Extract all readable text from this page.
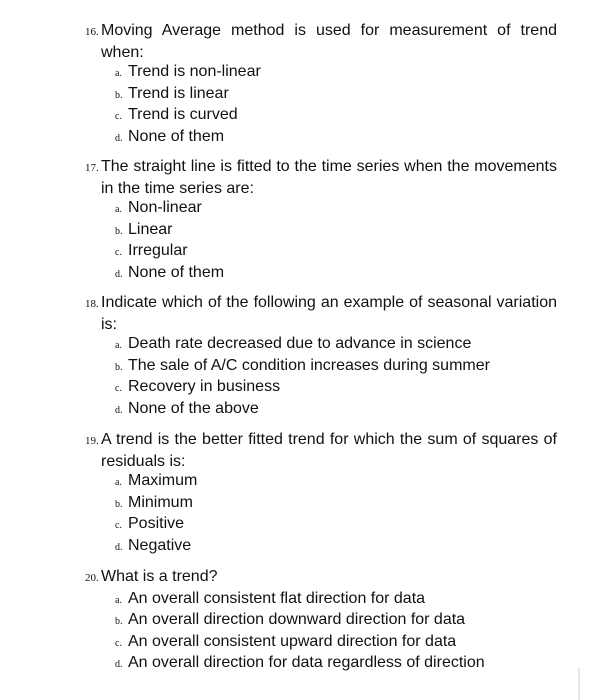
16. Moving Average method is used for measurement of trend when:

a. Trend is non-linear
b. Trend is linear
c. Trend is curved
d. None of them

17. The straight line is fitted to the time series when the movements in the time series are:

a. Non-linear
b. Linear
c. Irregular
d. None of them

18. Indicate which of the following an example of seasonal variation is:

a. Death rate decreased due to advance in science
b. The sale of A/C condition increases during summer
c. Recovery in business
d. None of the above

19. A trend is the better fitted trend for which the sum of squares of residuals is:

a. Maximum
b. Minimum
c. Positive
d. Negative

20. What is a trend?

a. An overall consistent flat direction for data
b. An overall direction downward direction for data
c. An overall consistent upward direction for data
d. An overall direction for data regardless of direction
